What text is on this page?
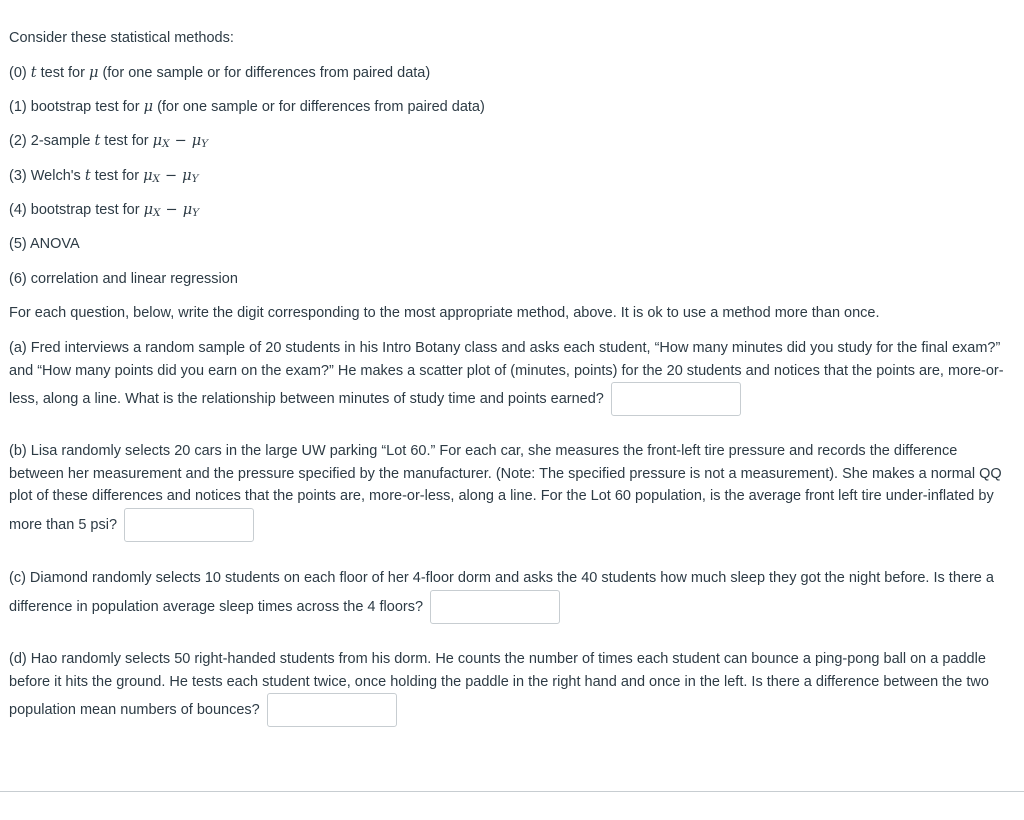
Consider these statistical methods:
(0) t test for μ (for one sample or for differences from paired data)
(1) bootstrap test for μ (for one sample or for differences from paired data)
(2) 2-sample t test for μX − μY
(3) Welch's t test for μX − μY
(4) bootstrap test for μX − μY
(5) ANOVA
(6) correlation and linear regression
For each question, below, write the digit corresponding to the most appropriate method, above. It is ok to use a method more than once.
(a) Fred interviews a random sample of 20 students in his Intro Botany class and asks each student, “How many minutes did you study for the final exam?” and “How many points did you earn on the exam?” He makes a scatter plot of (minutes, points) for the 20 students and notices that the points are, more-or-less, along a line. What is the relationship between minutes of study time and points earned?
(b) Lisa randomly selects 20 cars in the large UW parking “Lot 60.” For each car, she measures the front-left tire pressure and records the difference between her measurement and the pressure specified by the manufacturer. (Note: The specified pressure is not a measurement). She makes a normal QQ plot of these differences and notices that the points are, more-or-less, along a line. For the Lot 60 population, is the average front left tire under-inflated by more than 5 psi?
(c) Diamond randomly selects 10 students on each floor of her 4-floor dorm and asks the 40 students how much sleep they got the night before. Is there a difference in population average sleep times across the 4 floors?
(d) Hao randomly selects 50 right-handed students from his dorm. He counts the number of times each student can bounce a ping-pong ball on a paddle before it hits the ground. He tests each student twice, once holding the paddle in the right hand and once in the left. Is there a difference between the two population mean numbers of bounces?
